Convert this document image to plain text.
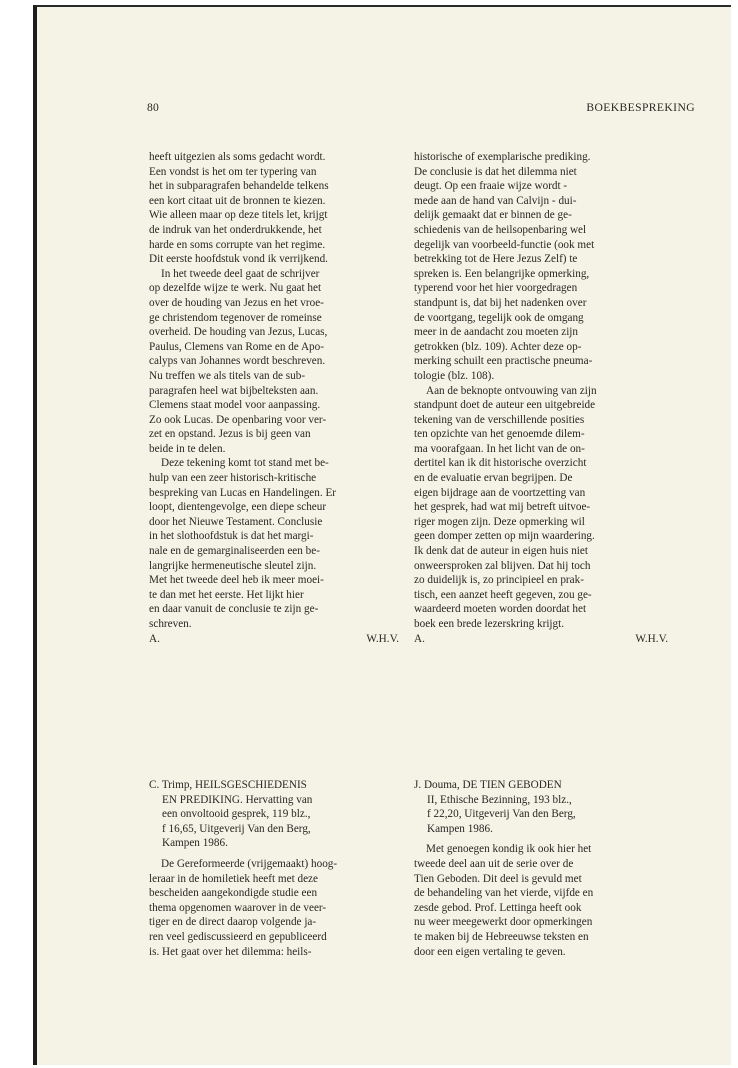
80	BOEKBESPREKING
heeft uitgezien als soms gedacht wordt.
Een vondst is het om ter typering van
het in subparagrafen behandelde telkens
een kort citaat uit de bronnen te kiezen.
Wie alleen maar op deze titels let, krijgt
de indruk van het onderdrukkende, het
harde en soms corrupte van het regime.
Dit eerste hoofdstuk vond ik verrijkend.
In het tweede deel gaat de schrijver
op dezelfde wijze te werk. Nu gaat het
over de houding van Jezus en het vroe-
ge christendom tegenover de romeinse
overheid. De houding van Jezus, Lucas,
Paulus, Clemens van Rome en de Apo-
calyps van Johannes wordt beschreven.
Nu treffen we als titels van de sub-
paragrafen heel wat bijbelteksten aan.
Clemens staat model voor aanpassing.
Zo ook Lucas. De openbaring voor ver-
zet en opstand. Jezus is bij geen van
beide in te delen.
Deze tekening komt tot stand met be-
hulp van een zeer historisch-kritische
bespreking van Lucas en Handelingen. Er
loopt, dientengevolge, een diepe scheur
door het Nieuwe Testament. Conclusie
in het slothoofdstuk is dat het margi-
nale en de gemarginaliseerden een be-
langrijke hermeneutische sleutel zijn.
Met het tweede deel heb ik meer moei-
te dan met het eerste. Het lijkt hier
en daar vanuit de conclusie te zijn ge-
schreven.
A.	W.H.V.
historische of exemplarische prediking.
De conclusie is dat het dilemma niet
deugt. Op een fraaie wijze wordt -
mede aan de hand van Calvijn - dui-
delijk gemaakt dat er binnen de ge-
schiedenis van de heilsopenbaring wel
degelijk van voorbeeld-functie (ook met
betrekking tot de Here Jezus Zelf) te
spreken is. Een belangrijke opmerking,
typerend voor het hier voorgedragen
standpunt is, dat bij het nadenken over
de voortgang, tegelijk ook de omgang
meer in de aandacht zou moeten zijn
getrokken (blz. 109). Achter deze op-
merking schuilt een practische pneuma-
tologie (blz. 108).
Aan de beknopte ontvouwing van zijn
standpunt doet de auteur een uitgebreide
tekening van de verschillende posities
ten opzichte van het genoemde dilem-
ma voorafgaan. In het licht van de on-
dertitel kan ik dit historische overzicht
en de evaluatie ervan begrijpen. De
eigen bijdrage aan de voortzetting van
het gesprek, had wat mij betreft uitvoe-
riger mogen zijn. Deze opmerking wil
geen domper zetten op mijn waardering.
Ik denk dat de auteur in eigen huis niet
onweersproken zal blijven. Dat hij toch
zo duidelijk is, zo principieel en prak-
tisch, een aanzet heeft gegeven, zou ge-
waardeerd moeten worden doordat het
boek een brede lezerskring krijgt.
A.	W.H.V.
C. Trimp, HEILSGESCHIEDENIS
EN PREDIKING. Hervatting van
een onvoltooid gesprek, 119 blz.,
f 16,65, Uitgeverij Van den Berg,
Kampen 1986.
De Gereformeerde (vrijgemaakt) hoog-
leraar in de homiletiek heeft met deze
bescheiden aangekondigde studie een
thema opgenomen waarover in de veer-
tiger en de direct daarop volgende ja-
ren veel gediscussieerd en gepubliceerd
is. Het gaat over het dilemma: heils-
J. Douma, DE TIEN GEBODEN
II, Ethische Bezinning, 193 blz.,
f 22,20, Uitgeverij Van den Berg,
Kampen 1986.
Met genoegen kondig ik ook hier het
tweede deel aan uit de serie over de
Tien Geboden. Dit deel is gevuld met
de behandeling van het vierde, vijfde en
zesde gebod. Prof. Lettinga heeft ook
nu weer meegewerkt door opmerkingen
te maken bij de Hebreeuwse teksten en
door een eigen vertaling te geven.
